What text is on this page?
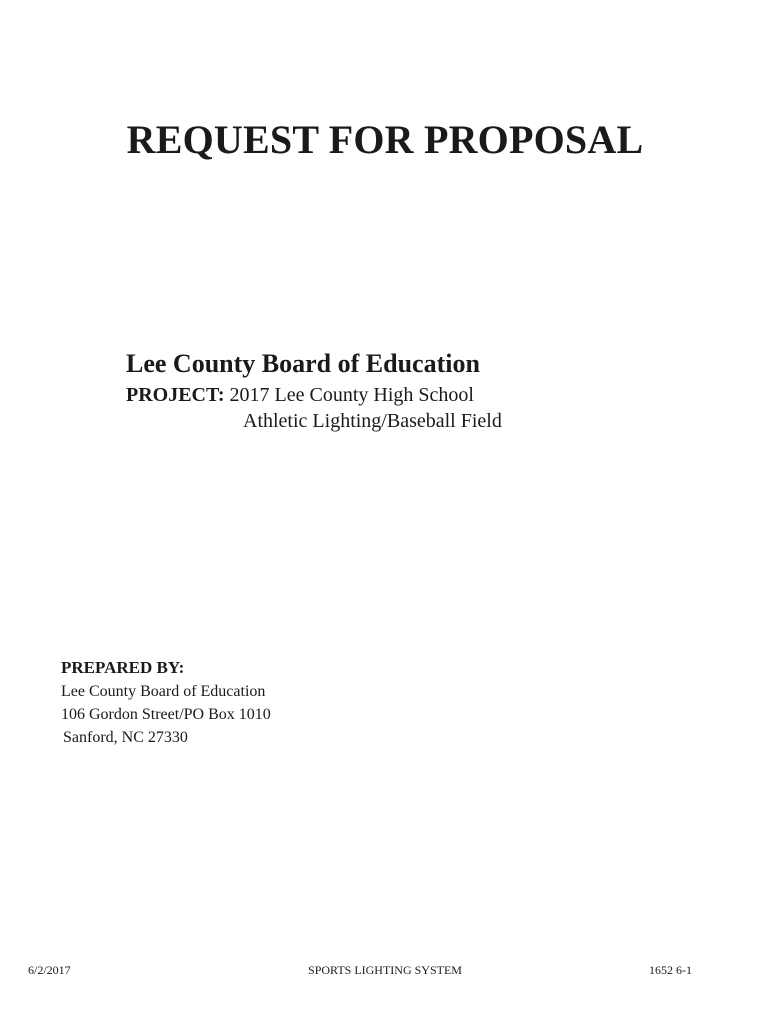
REQUEST FOR PROPOSAL

Lee County Board of Education

PROJECT: 2017 Lee County High School

Athletic Lighting/Baseball Field

PREPARED BY:

Lee County Board of Education

106 Gordon Street/PO Box 1010

Sanford, NC 27330

6/2/2017	SPORTS LIGHTING SYSTEM	1652 6-1
